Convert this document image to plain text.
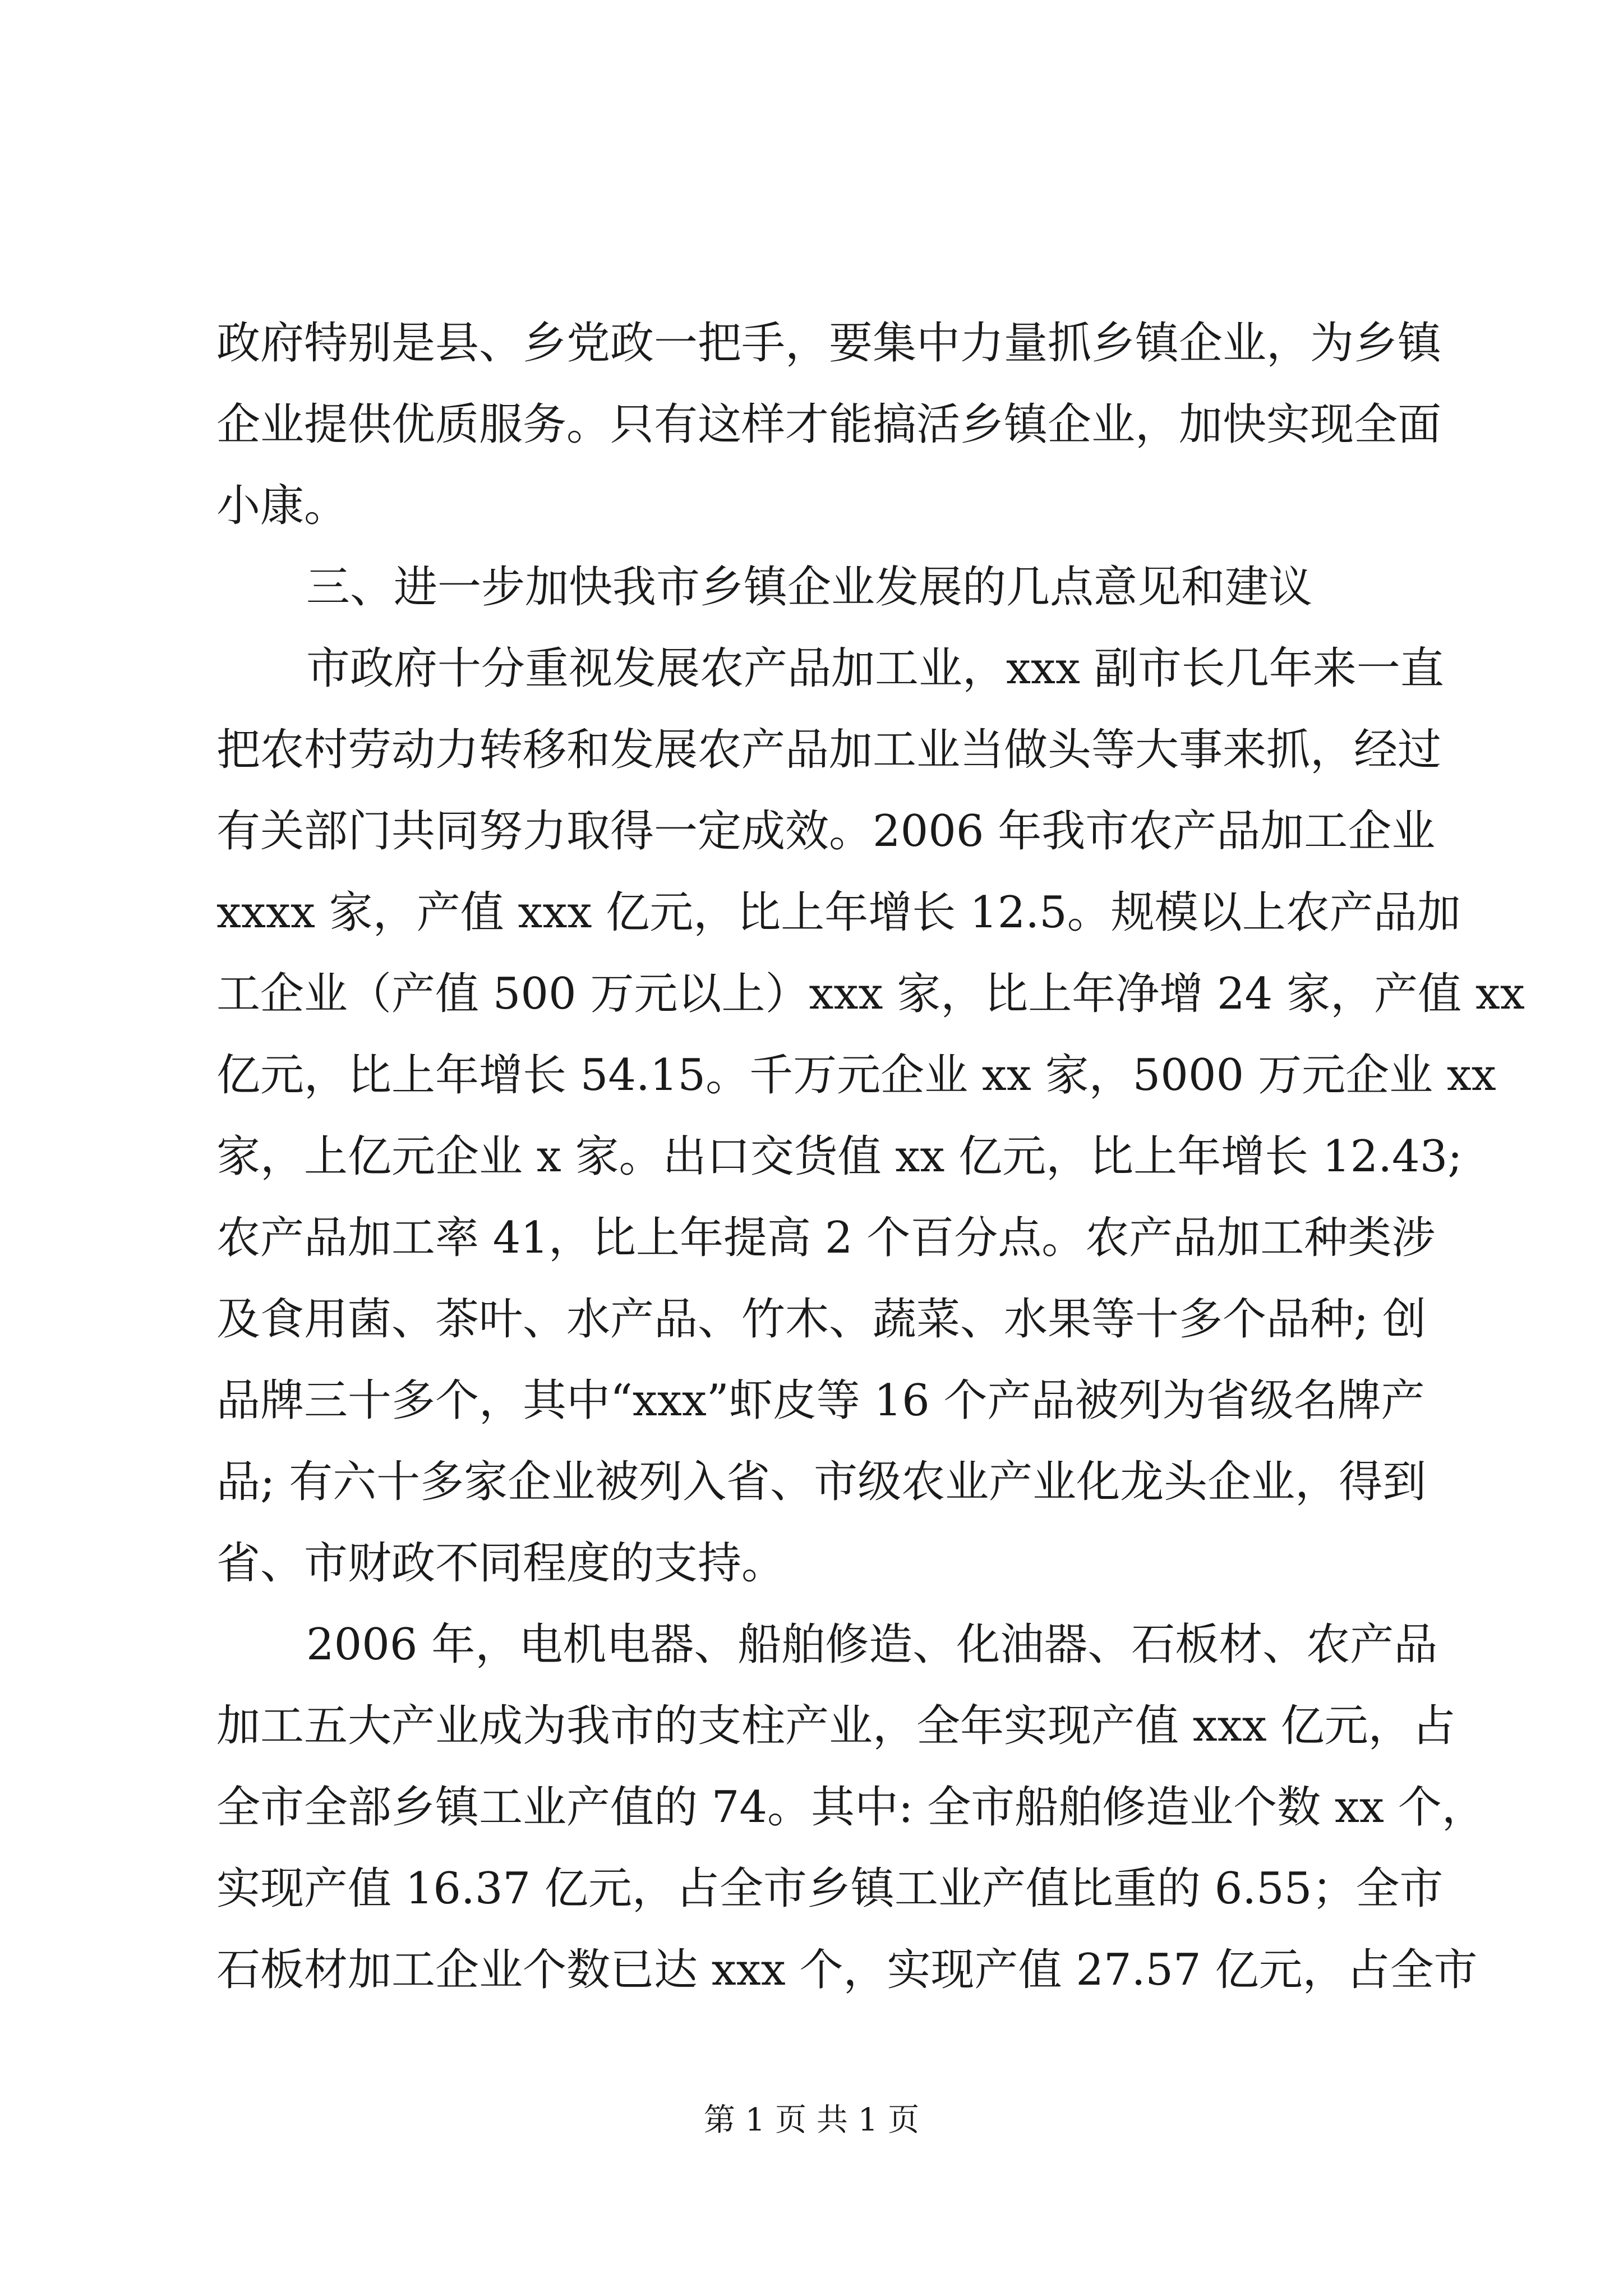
政府特别是县、乡党政一把手，要集中力量抓乡镇企业，为乡镇
企业提供优质服务。只有这样才能搞活乡镇企业，加快实现全面
小康。
三、进一步加快我市乡镇企业发展的几点意见和建议
市政府十分重视发展农产品加工业，xxx 副市长几年来一直
把农村劳动力转移和发展农产品加工业当做头等大事来抓，经过
有关部门共同努力取得一定成效。2006 年我市农产品加工企业
xxxx 家，产值 xxx 亿元，比上年增长 12.5。规模以上农产品加
工企业（产值 500 万元以上）xxx 家，比上年净增 24 家，产值 xx
亿元，比上年增长 54.15。千万元企业 xx 家，5000 万元企业 xx
家，上亿元企业 x 家。出口交货值 xx 亿元，比上年增长 12.43;
农产品加工率 41，比上年提高 2 个百分点。农产品加工种类涉
及食用菌、茶叶、水产品、竹木、蔬菜、水果等十多个品种; 创
品牌三十多个，其中“xxx”虾皮等 16 个产品被列为省级名牌产
品; 有六十多家企业被列入省、市级农业产业化龙头企业，得到
省、市财政不同程度的支持。
2006 年，电机电器、船舶修造、化油器、石板材、农产品
加工五大产业成为我市的支柱产业，全年实现产值 xxx 亿元，占
全市全部乡镇工业产值的 74。其中: 全市船舶修造业个数 xx 个，
实现产值 16.37 亿元，占全市乡镇工业产值比重的 6.55；全市
石板材加工企业个数已达 xxx 个，实现产值 27.57 亿元，占全市
第 1 页 共 1 页
